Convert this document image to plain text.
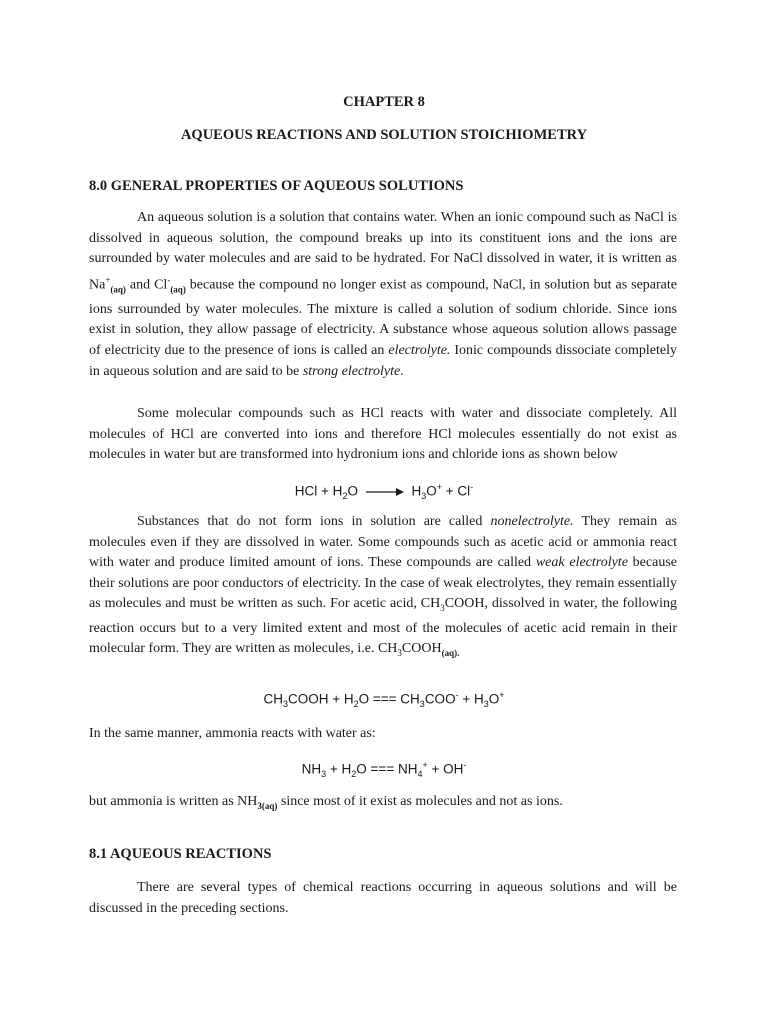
CHAPTER 8
AQUEOUS REACTIONS AND SOLUTION STOICHIOMETRY
8.0 GENERAL PROPERTIES OF AQUEOUS SOLUTIONS
An aqueous solution is a solution that contains water. When an ionic compound such as NaCl is dissolved in aqueous solution, the compound breaks up into its constituent ions and the ions are surrounded by water molecules and are said to be hydrated. For NaCl dissolved in water, it is written as $Na^+_{(aq)}$ and $Cl^-_{(aq)}$ because the compound no longer exist as compound, NaCl, in solution but as separate ions surrounded by water molecules. The mixture is called a solution of sodium chloride. Since ions exist in solution, they allow passage of electricity. A substance whose aqueous solution allows passage of electricity due to the presence of ions is called an electrolyte. Ionic compounds dissociate completely in aqueous solution and are said to be strong electrolyte.
Some molecular compounds such as HCl reacts with water and dissociate completely. All molecules of HCl are converted into ions and therefore HCl molecules essentially do not exist as molecules in water but are transformed into hydronium ions and chloride ions as shown below
HCl + $H_2O \to H_3O^+ + Cl^-$
Substances that do not form ions in solution are called nonelectrolyte. They remain as molecules even if they are dissolved in water. Some compounds such as acetic acid or ammonia react with water and produce limited amount of ions. These compounds are called weak electrolyte because their solutions are poor conductors of electricity. In the case of weak electrolytes, they remain essentially as molecules and must be written as such. For acetic acid, $CH_3COOH$, dissolved in water, the following reaction occurs but to a very limited extent and most of the molecules of acetic acid remain in their molecular form. They are written as molecules, i.e. $CH_3COOH_{(aq).}$
$CH_3COOH + H_2O$ === $CH_3COO^- + H_3O^+$
In the same manner, ammonia reacts with water as:
$NH_3 + H_2O$ === $NH_4^+ + OH^-$
but ammonia is written as $NH_{3(aq)}$ since most of it exist as molecules and not as ions.
8.1 AQUEOUS REACTIONS
There are several types of chemical reactions occurring in aqueous solutions and will be discussed in the preceding sections.
